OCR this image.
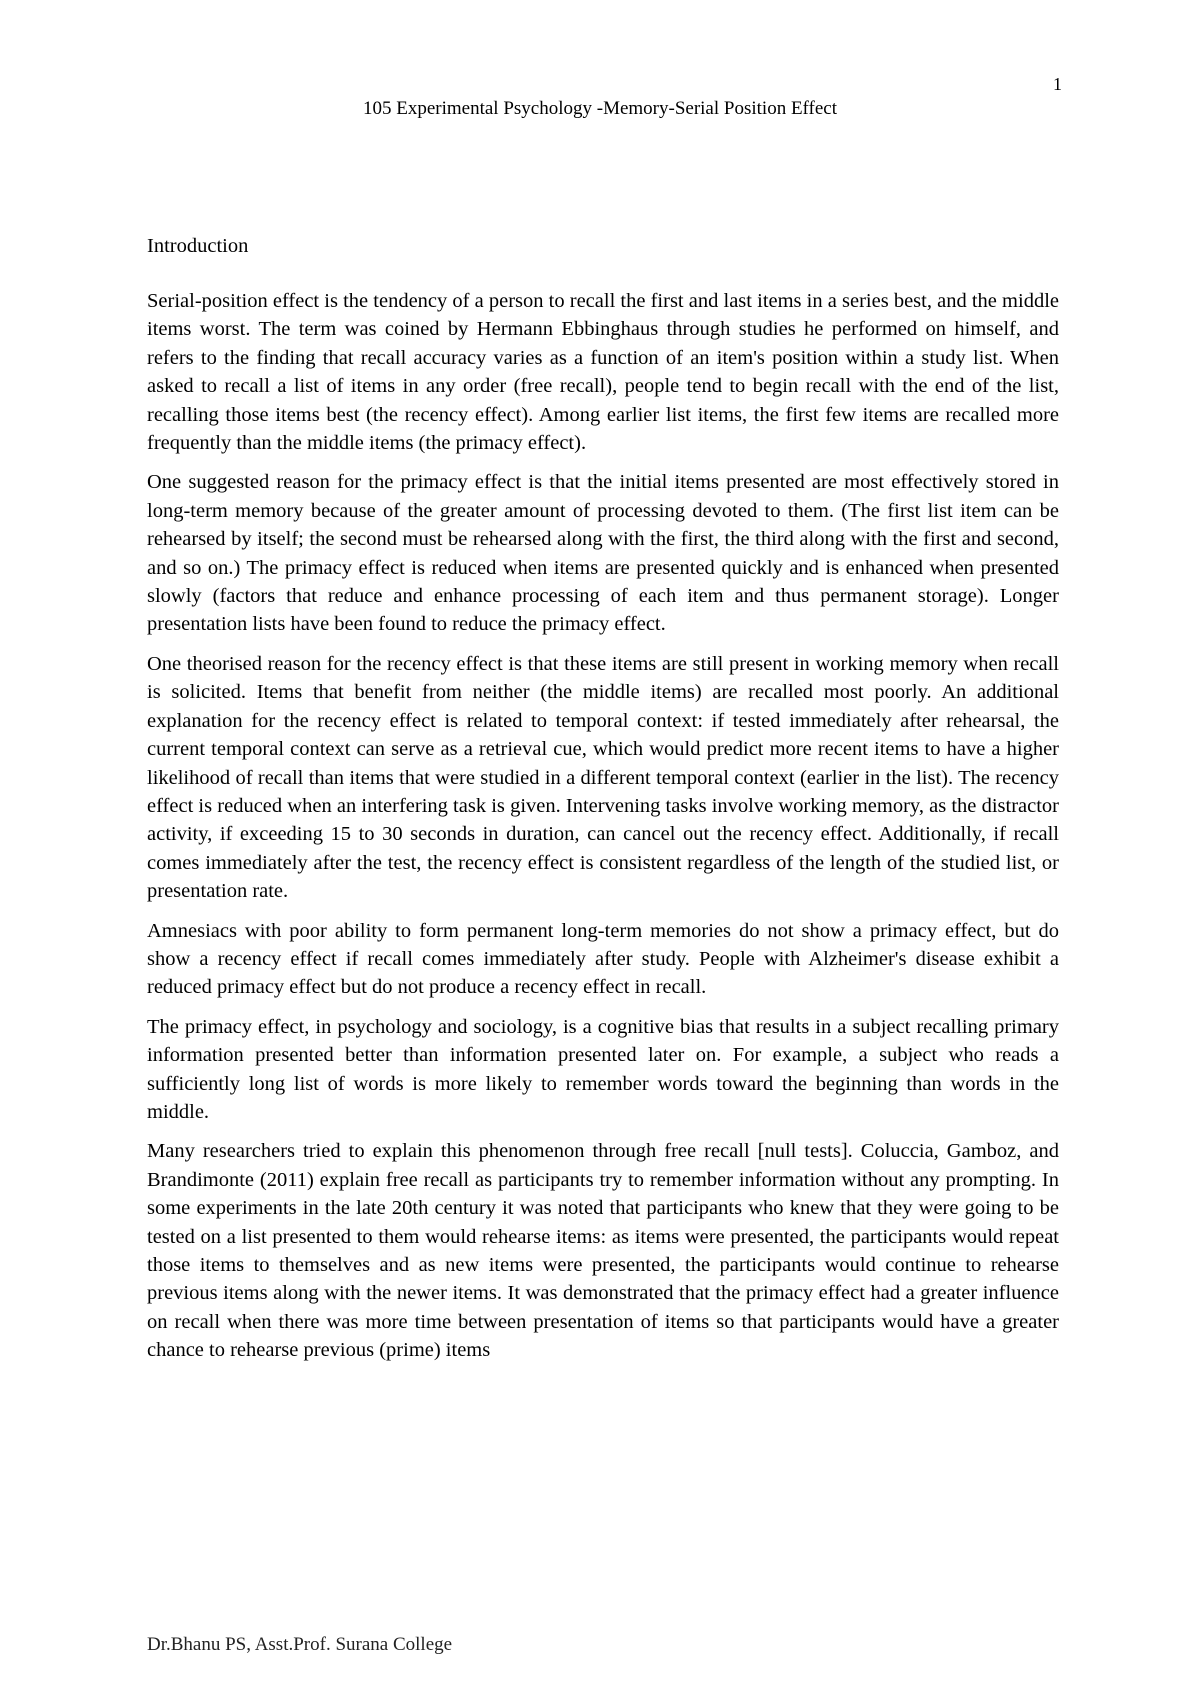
1
105 Experimental Psychology -Memory-Serial Position Effect
Introduction

Serial-position effect is the tendency of a person to recall the first and last items in a series best, and the middle items worst. The term was coined by Hermann Ebbinghaus through studies he performed on himself, and refers to the finding that recall accuracy varies as a function of an item's position within a study list. When asked to recall a list of items in any order (free recall), people tend to begin recall with the end of the list, recalling those items best (the recency effect). Among earlier list items, the first few items are recalled more frequently than the middle items (the primacy effect).

One suggested reason for the primacy effect is that the initial items presented are most effectively stored in long-term memory because of the greater amount of processing devoted to them. (The first list item can be rehearsed by itself; the second must be rehearsed along with the first, the third along with the first and second, and so on.) The primacy effect is reduced when items are presented quickly and is enhanced when presented slowly (factors that reduce and enhance processing of each item and thus permanent storage). Longer presentation lists have been found to reduce the primacy effect.

One theorised reason for the recency effect is that these items are still present in working memory when recall is solicited. Items that benefit from neither (the middle items) are recalled most poorly. An additional explanation for the recency effect is related to temporal context: if tested immediately after rehearsal, the current temporal context can serve as a retrieval cue, which would predict more recent items to have a higher likelihood of recall than items that were studied in a different temporal context (earlier in the list). The recency effect is reduced when an interfering task is given. Intervening tasks involve working memory, as the distractor activity, if exceeding 15 to 30 seconds in duration, can cancel out the recency effect. Additionally, if recall comes immediately after the test, the recency effect is consistent regardless of the length of the studied list, or presentation rate.

Amnesiacs with poor ability to form permanent long-term memories do not show a primacy effect, but do show a recency effect if recall comes immediately after study. People with Alzheimer's disease exhibit a reduced primacy effect but do not produce a recency effect in recall.

The primacy effect, in psychology and sociology, is a cognitive bias that results in a subject recalling primary information presented better than information presented later on. For example, a subject who reads a sufficiently long list of words is more likely to remember words toward the beginning than words in the middle.

Many researchers tried to explain this phenomenon through free recall [null tests]. Coluccia, Gamboz, and Brandimonte (2011) explain free recall as participants try to remember information without any prompting. In some experiments in the late 20th century it was noted that participants who knew that they were going to be tested on a list presented to them would rehearse items: as items were presented, the participants would repeat those items to themselves and as new items were presented, the participants would continue to rehearse previous items along with the newer items. It was demonstrated that the primacy effect had a greater influence on recall when there was more time between presentation of items so that participants would have a greater chance to rehearse previous (prime) items

Dr.Bhanu PS, Asst.Prof. Surana College
